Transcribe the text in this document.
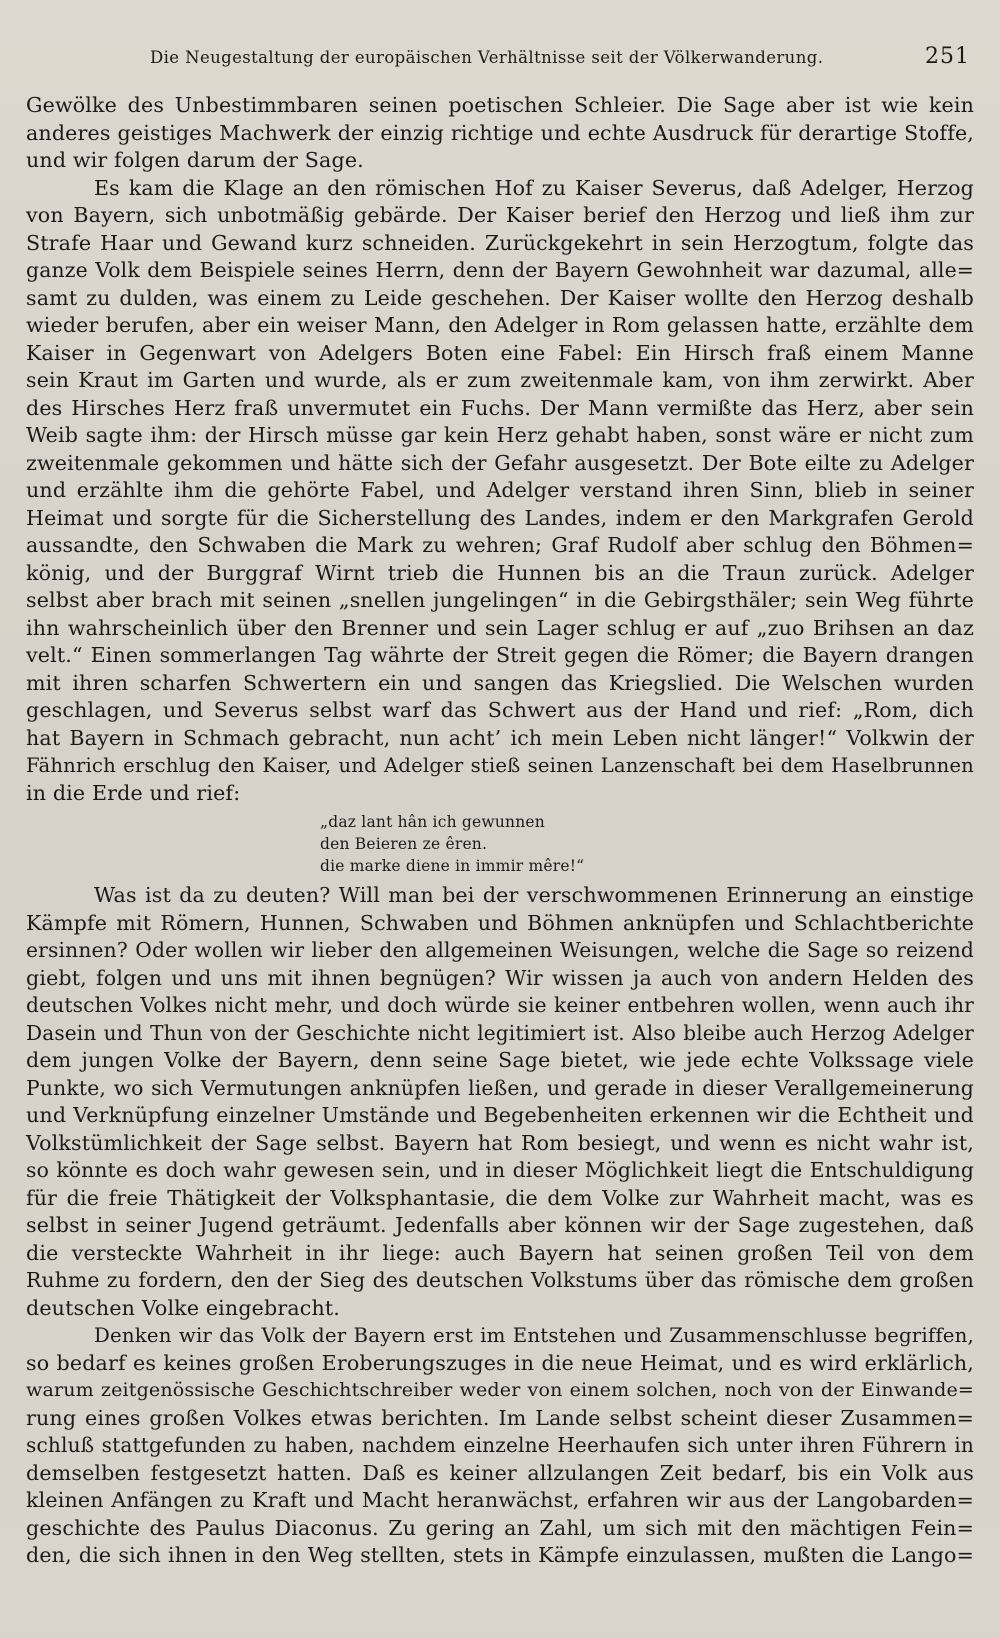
Die Neugestaltung der europäischen Verhältnisse seit der Völkerwanderung.	251
Gewölke des Unbestimmbaren seinen poetischen Schleier. Die Sage aber ist wie kein
anderes geistiges Machwerk der einzig richtige und echte Ausdruck für derartige Stoffe,
und wir folgen darum der Sage.
Es kam die Klage an den römischen Hof zu Kaiser Severus, daß Adelger, Herzog
von Bayern, sich unbotmäßig gebärde. Der Kaiser berief den Herzog und ließ ihm zur
Strafe Haar und Gewand kurz schneiden. Zurückgekehrt in sein Herzogtum, folgte das
ganze Volk dem Beispiele seines Herrn, denn der Bayern Gewohnheit war dazumal, alle=
samt zu dulden, was einem zu Leide geschehen. Der Kaiser wollte den Herzog deshalb
wieder berufen, aber ein weiser Mann, den Adelger in Rom gelassen hatte, erzählte dem
Kaiser in Gegenwart von Adelgers Boten eine Fabel: Ein Hirsch fraß einem Manne
sein Kraut im Garten und wurde, als er zum zweitenmale kam, von ihm zerwirkt. Aber
des Hirsches Herz fraß unvermutet ein Fuchs. Der Mann vermißte das Herz, aber sein
Weib sagte ihm: der Hirsch müsse gar kein Herz gehabt haben, sonst wäre er nicht zum
zweitenmale gekommen und hätte sich der Gefahr ausgesetzt. Der Bote eilte zu Adelger
und erzählte ihm die gehörte Fabel, und Adelger verstand ihren Sinn, blieb in seiner
Heimat und sorgte für die Sicherstellung des Landes, indem er den Markgrafen Gerold
aussandte, den Schwaben die Mark zu wehren; Graf Rudolf aber schlug den Böhmen=
könig, und der Burggraf Wirnt trieb die Hunnen bis an die Traun zurück. Adelger
selbst aber brach mit seinen „snellen jungelingen“ in die Gebirgsthäler; sein Weg führte
ihn wahrscheinlich über den Brenner und sein Lager schlug er auf „zuo Brihsen an daz
velt.“ Einen sommerlangen Tag währte der Streit gegen die Römer; die Bayern drangen
mit ihren scharfen Schwertern ein und sangen das Kriegslied. Die Welschen wurden
geschlagen, und Severus selbst warf das Schwert aus der Hand und rief: „Rom, dich
hat Bayern in Schmach gebracht, nun acht’ ich mein Leben nicht länger!“ Volkwin der
Fähnrich erschlug den Kaiser, und Adelger stieß seinen Lanzenschaft bei dem Haselbrunnen
in die Erde und rief:
„daz lant hân ich gewunnen
den Beieren ze êren.
die marke diene in immir mêre!“
Was ist da zu deuten? Will man bei der verschwommenen Erinnerung an einstige
Kämpfe mit Römern, Hunnen, Schwaben und Böhmen anknüpfen und Schlachtberichte
ersinnen? Oder wollen wir lieber den allgemeinen Weisungen, welche die Sage so reizend
giebt, folgen und uns mit ihnen begnügen? Wir wissen ja auch von andern Helden des
deutschen Volkes nicht mehr, und doch würde sie keiner entbehren wollen, wenn auch ihr
Dasein und Thun von der Geschichte nicht legitimiert ist. Also bleibe auch Herzog Adelger
dem jungen Volke der Bayern, denn seine Sage bietet, wie jede echte Volkssage viele
Punkte, wo sich Vermutungen anknüpfen ließen, und gerade in dieser Verallgemeinerung
und Verknüpfung einzelner Umstände und Begebenheiten erkennen wir die Echtheit und
Volkstümlichkeit der Sage selbst. Bayern hat Rom besiegt, und wenn es nicht wahr ist,
so könnte es doch wahr gewesen sein, und in dieser Möglichkeit liegt die Entschuldigung
für die freie Thätigkeit der Volksphantasie, die dem Volke zur Wahrheit macht, was es
selbst in seiner Jugend geträumt. Jedenfalls aber können wir der Sage zugestehen, daß
die versteckte Wahrheit in ihr liege: auch Bayern hat seinen großen Teil von dem
Ruhme zu fordern, den der Sieg des deutschen Volkstums über das römische dem großen
deutschen Volke eingebracht.
Denken wir das Volk der Bayern erst im Entstehen und Zusammenschlusse begriffen,
so bedarf es keines großen Eroberungszuges in die neue Heimat, und es wird erklärlich,
warum zeitgenössische Geschichtschreiber weder von einem solchen, noch von der Einwande=
rung eines großen Volkes etwas berichten. Im Lande selbst scheint dieser Zusammen=
schluß stattgefunden zu haben, nachdem einzelne Heerhaufen sich unter ihren Führern in
demselben festgesetzt hatten. Daß es keiner allzulangen Zeit bedarf, bis ein Volk aus
kleinen Anfängen zu Kraft und Macht heranwächst, erfahren wir aus der Langobarden=
geschichte des Paulus Diaconus. Zu gering an Zahl, um sich mit den mächtigen Fein=
den, die sich ihnen in den Weg stellten, stets in Kämpfe einzulassen, mußten die Lango=
